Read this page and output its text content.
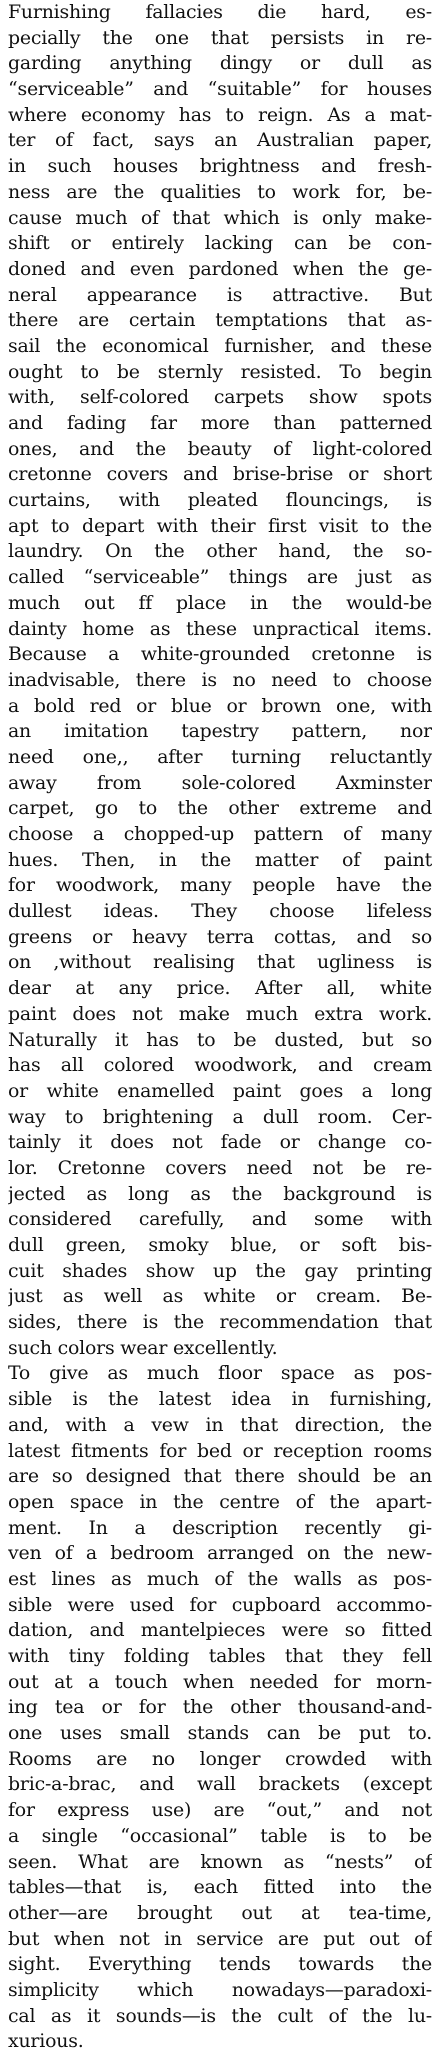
Furnishing fallacies die hard, es-
pecially the one that persists in re-
garding anything dingy or dull as
“serviceable” and “suitable” for houses
where economy has to reign. As a mat-
ter of fact, says an Australian paper,
in such houses brightness and fresh-
ness are the qualities to work for, be-
cause much of that which is only make-
shift or entirely lacking can be con-
doned and even pardoned when the ge-
neral appearance is attractive. But
there are certain temptations that as-
sail the economical furnisher, and these
ought to be sternly resisted. To begin
with, self-colored carpets show spots
and fading far more than patterned
ones, and the beauty of light-colored
cretonne covers and brise-brise or short
curtains, with pleated flouncings, is
apt to depart with their first visit to the
laundry. On the other hand, the so-
called “serviceable” things are just as
much out ff place in the would-be
dainty home as these unpractical items.
Because a white-grounded cretonne is
inadvisable, there is no need to choose
a bold red or blue or brown one, with
an imitation tapestry pattern, nor
need one,, after turning reluctantly
away from sole-colored Axminster
carpet, go to the other extreme and
choose a chopped-up pattern of many
hues. Then, in the matter of paint
for woodwork, many people have the
dullest ideas. They choose lifeless
greens or heavy terra cottas, and so
on ,without realising that ugliness is
dear at any price. After all, white
paint does not make much extra work.
Naturally it has to be dusted, but so
has all colored woodwork, and cream
or white enamelled paint goes a long
way to brightening a dull room. Cer-
tainly it does not fade or change co-
lor. Cretonne covers need not be re-
jected as long as the background is
considered carefully, and some with
dull green, smoky blue, or soft bis-
cuit shades show up the gay printing
just as well as white or cream. Be-
sides, there is the recommendation that
such colors wear excellently.
To give as much floor space as pos-
sible is the latest idea in furnishing,
and, with a vew in that direction, the
latest fitments for bed or reception rooms
are so designed that there should be an
open space in the centre of the apart-
ment. In a description recently gi-
ven of a bedroom arranged on the new-
est lines as much of the walls as pos-
sible were used for cupboard accommo-
dation, and mantelpieces were so fitted
with tiny folding tables that they fell
out at a touch when needed for morn-
ing tea or for the other thousand-and-
one uses small stands can be put to.
Rooms are no longer crowded with
bric-a-brac, and wall brackets (except
for express use) are “out,” and not
a single “occasional” table is to be
seen. What are known as “nests” of
tables—that is, each fitted into the
other—are brought out at tea-time,
but when not in service are put out of
sight. Everything tends towards the
simplicity which nowadays—paradoxi-
cal as it sounds—is the cult of the lu-
xurious.
